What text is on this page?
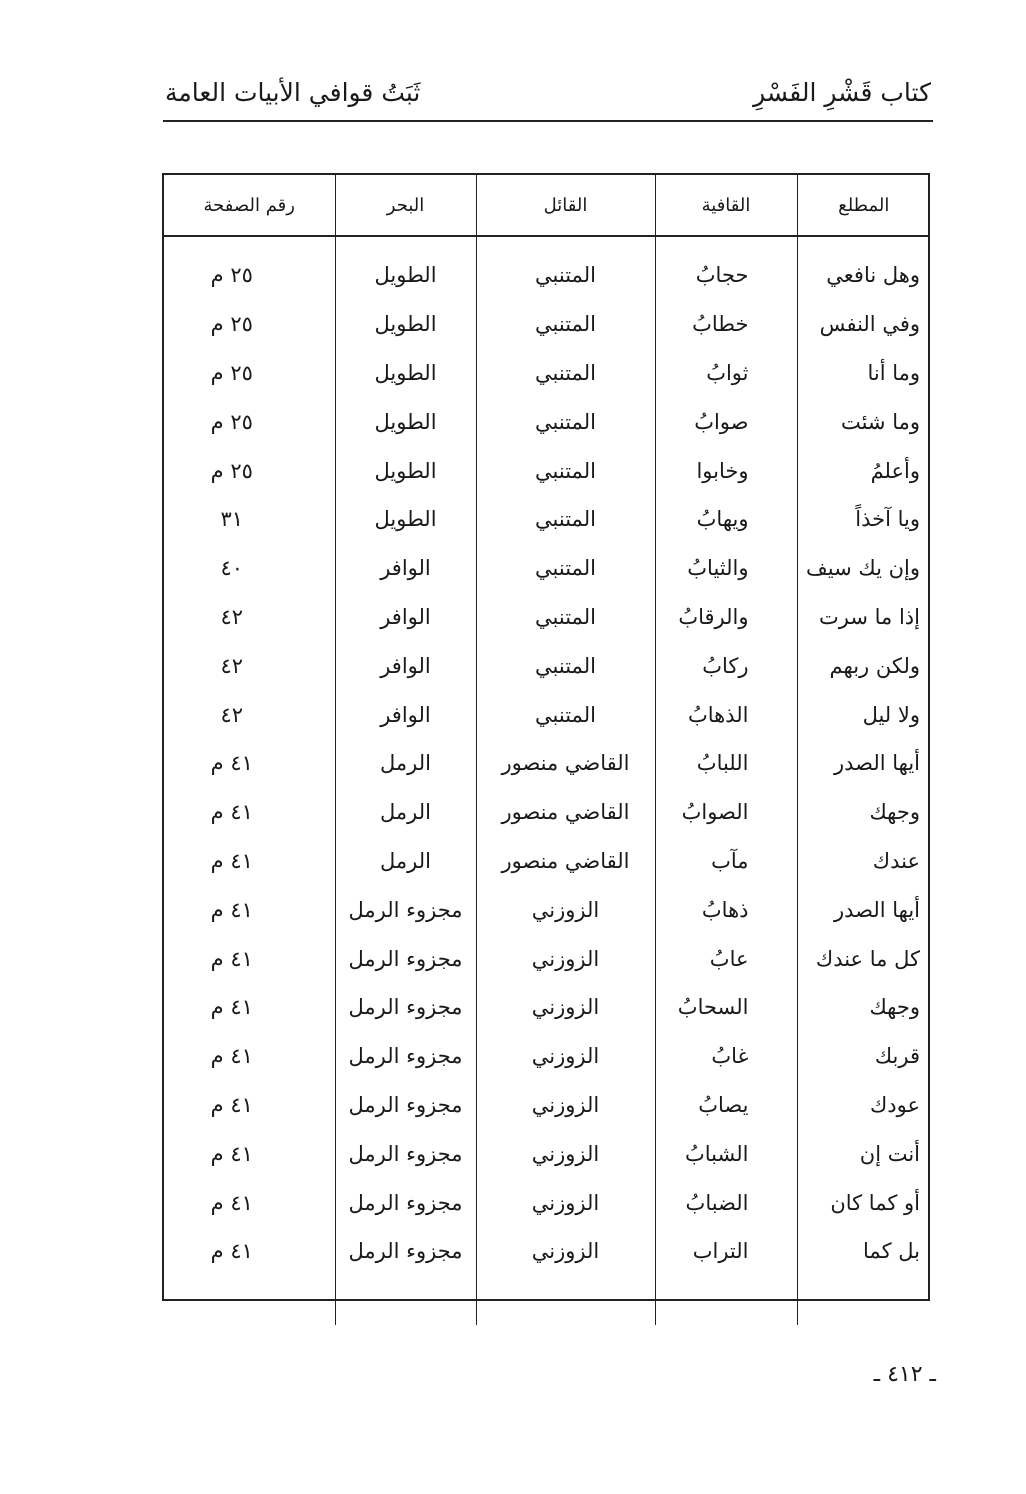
كتاب قَشْرِ الفَسْرِ
ثَبَتُ قوافي الأبيات العامة
المطلع	القافية	القائل	البحر	رقم الصفحة
وهل نافعي	حجابُ	المتنبي	الطويل	٢٥ م
وفي النفس	خطابُ	المتنبي	الطويل	٢٥ م
وما أنا	ثوابُ	المتنبي	الطويل	٢٥ م
وما شئت	صوابُ	المتنبي	الطويل	٢٥ م
وأعلمُ	وخابوا	المتنبي	الطويل	٢٥ م
ويا آخذاً	ويهابُ	المتنبي	الطويل	٣١
وإن يك سيف	والثيابُ	المتنبي	الوافر	٤٠
إذا ما سرت	والرقابُ	المتنبي	الوافر	٤٢
ولكن ربهم	ركابُ	المتنبي	الوافر	٤٢
ولا ليل	الذهابُ	المتنبي	الوافر	٤٢
أيها الصدر	اللبابُ	القاضي منصور	الرمل	٤١ م
وجهك	الصوابُ	القاضي منصور	الرمل	٤١ م
عندك	مآب	القاضي منصور	الرمل	٤١ م
أيها الصدر	ذهابُ	الزوزني	مجزوء الرمل	٤١ م
كل ما عندك	عابُ	الزوزني	مجزوء الرمل	٤١ م
وجهك	السحابُ	الزوزني	مجزوء الرمل	٤١ م
قربك	غابُ	الزوزني	مجزوء الرمل	٤١ م
عودك	يصابُ	الزوزني	مجزوء الرمل	٤١ م
أنت إن	الشبابُ	الزوزني	مجزوء الرمل	٤١ م
أو كما كان	الضبابُ	الزوزني	مجزوء الرمل	٤١ م
بل كما	التراب	الزوزني	مجزوء الرمل	٤١ م

ـ ٤١٢ ـ
